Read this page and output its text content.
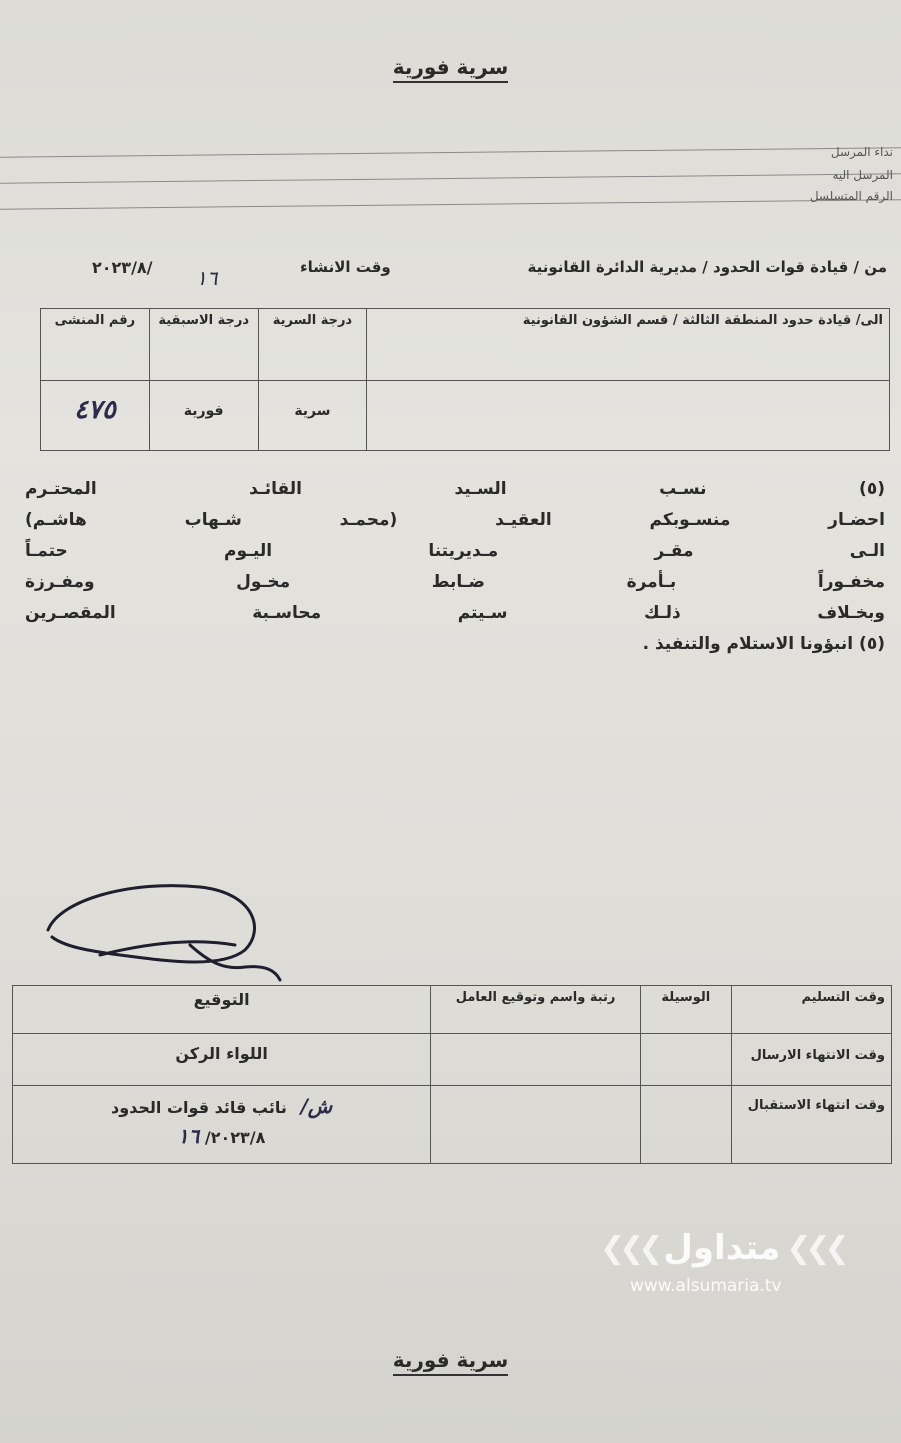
سرية فورية
نداء المرسل
المرسل اليه
الرقم المتسلسل
من / قيادة قوات الحدود / مديرية الدائرة القانونية
وقت الانشاء
٢٠٢٣/٨/ ١٦
الى/ قيادة حدود المنطقة الثالثة / قسم الشؤون القانونية	درجة السرية	درجة الاسبقية	رقم المنشى

	سرية	فورية	٤٧٥
(٥) نسـب السـيد القائـد المحتـرم
احضـار منسـوبكم العقيـد (محمـد شـهاب هاشـم)
الـى مقـر مـديريتنا اليـوم حتمـاً
مخفـوراً بـأمرة ضـابط مخـول ومفـرزة
وبخـلاف ذلـك سـيتم محاسـبة المقصـرين
(٥) انبؤونا الاستلام والتنفيذ .
وقت التسليم	الوسيلة	رتبة واسم وتوقيع العامل	التوقيع

وقت الانتهاء الارسال			اللواء الركن

وقت انتهاء الاستقبال			ش/ نائب قائد قوات الحدود
٢٠٢٣/٨/ ١٦
❮❮❮ متداول ❮❮❮
www.alsumaria.tv
سرية فورية
